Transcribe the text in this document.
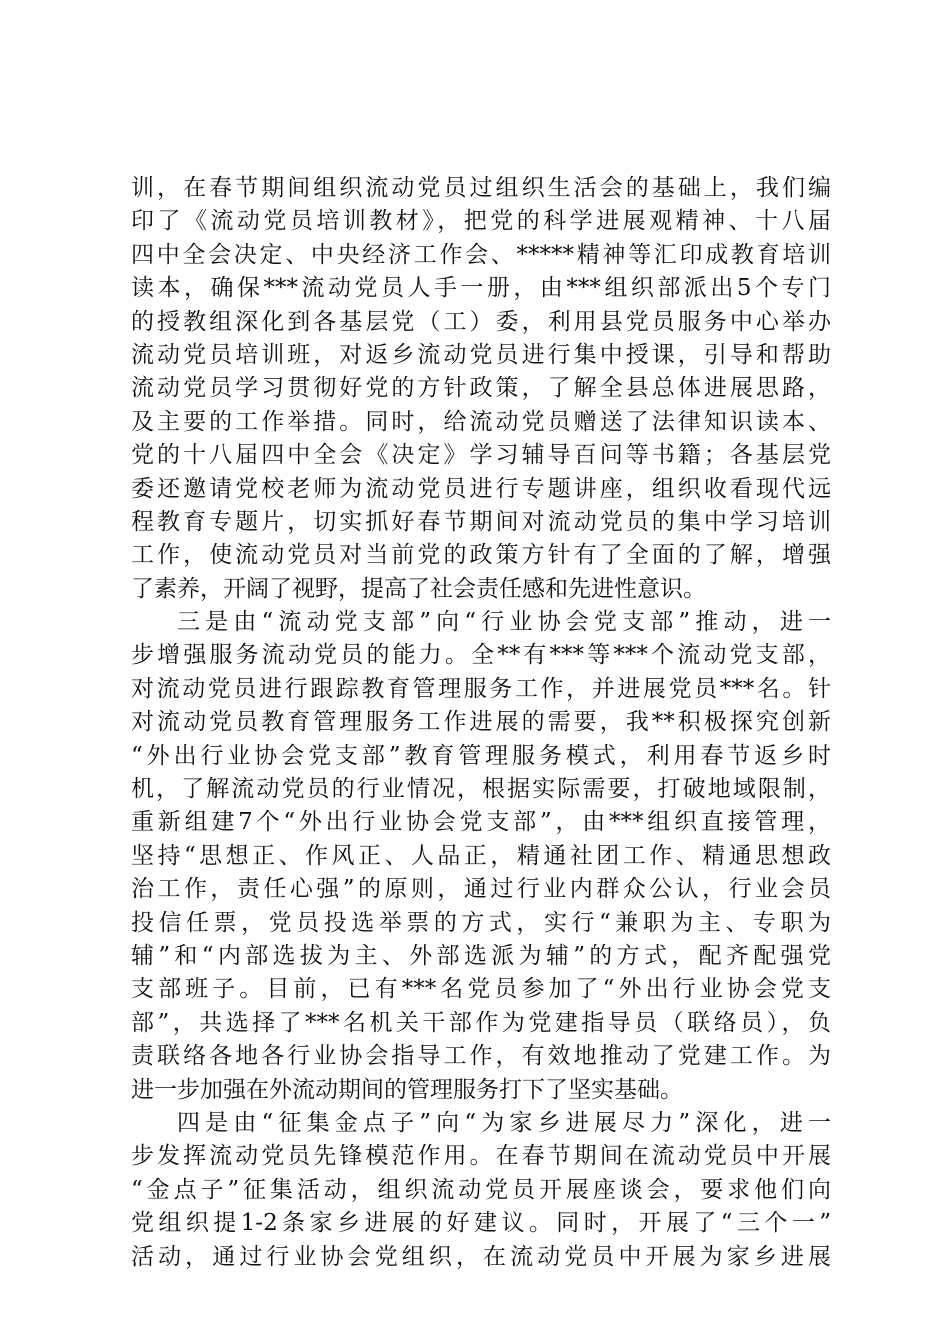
训，在春节期间组织流动党员过组织生活会的基础上，我们编
印了《流动党员培训教材》，把党的科学进展观精神、十八届
四中全会决定、中央经济工作会、*****精神等汇印成教育培训
读本，确保***流动党员人手一册，由***组织部派出5个专门
的授教组深化到各基层党（工）委，利用县党员服务中心举办
流动党员培训班，对返乡流动党员进行集中授课，引导和帮助
流动党员学习贯彻好党的方针政策，了解全县总体进展思路，
及主要的工作举措。同时，给流动党员赠送了法律知识读本、
党的十八届四中全会《决定》学习辅导百问等书籍；各基层党
委还邀请党校老师为流动党员进行专题讲座，组织收看现代远
程教育专题片，切实抓好春节期间对流动党员的集中学习培训
工作，使流动党员对当前党的政策方针有了全面的了解，增强
了素养，开阔了视野，提高了社会责任感和先进性意识。
三是由“流动党支部”向“行业协会党支部”推动，进一
步增强服务流动党员的能力。全**有***等***个流动党支部，
对流动党员进行跟踪教育管理服务工作，并进展党员***名。针
对流动党员教育管理服务工作进展的需要，我**积极探究创新
“外出行业协会党支部”教育管理服务模式，利用春节返乡时
机，了解流动党员的行业情况，根据实际需要，打破地域限制，
重新组建7个“外出行业协会党支部”，由***组织直接管理，
坚持“思想正、作风正、人品正，精通社团工作、精通思想政
治工作，责任心强”的原则，通过行业内群众公认，行业会员
投信任票，党员投选举票的方式，实行“兼职为主、专职为
辅”和“内部选拔为主、外部选派为辅”的方式，配齐配强党
支部班子。目前，已有***名党员参加了“外出行业协会党支
部”，共选择了***名机关干部作为党建指导员（联络员），负
责联络各地各行业协会指导工作，有效地推动了党建工作。为
进一步加强在外流动期间的管理服务打下了坚实基础。
四是由“征集金点子”向“为家乡进展尽力”深化，进一
步发挥流动党员先锋模范作用。在春节期间在流动党员中开展
“金点子”征集活动，组织流动党员开展座谈会，要求他们向
党组织提1-2条家乡进展的好建议。同时，开展了“三个一”
活动，通过行业协会党组织，在流动党员中开展为家乡进展
